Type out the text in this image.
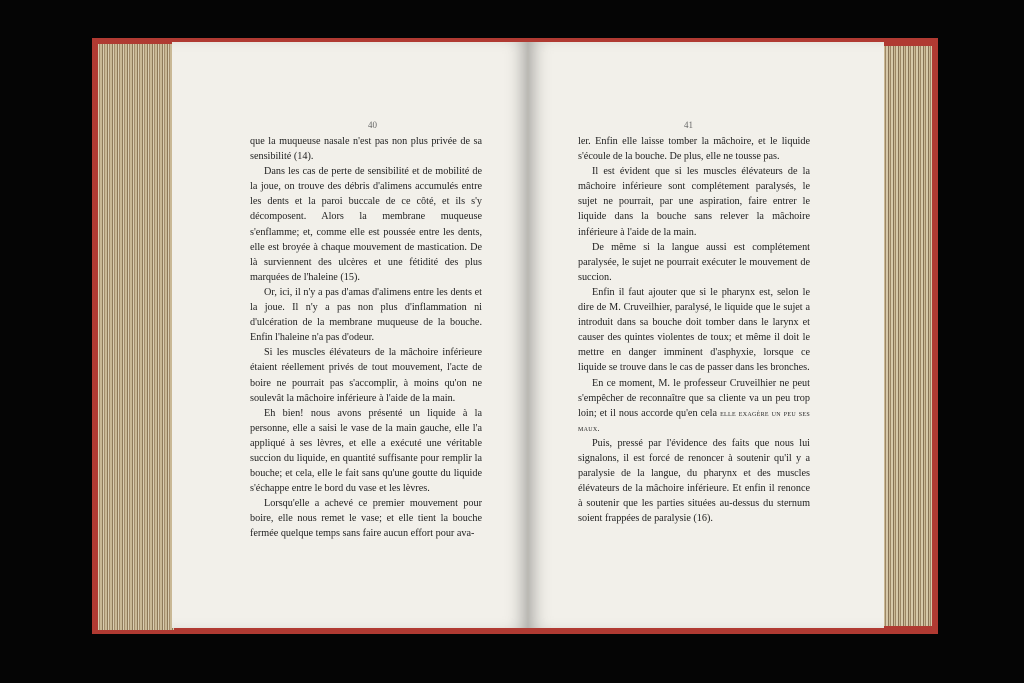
40

que la muqueuse nasale n'est pas non plus privée de sa sensibilité (14).

Dans les cas de perte de sensibilité et de mobilité de la joue, on trouve des débris d'alimens accumulés entre les dents et la paroi buccale de ce côté, et ils s'y décomposent. Alors la membrane muqueuse s'enflamme; et, comme elle est poussée entre les dents, elle est broyée à chaque mouvement de mastication. De là surviennent des ulcères et une fétidité des plus marquées de l'haleine (15).

Or, ici, il n'y a pas d'amas d'alimens entre les dents et la joue. Il n'y a pas non plus d'inflammation ni d'ulcération de la membrane muqueuse de la bouche. Enfin l'haleine n'a pas d'odeur.

Si les muscles élévateurs de la mâchoire inférieure étaient réellement privés de tout mouvement, l'acte de boire ne pourrait pas s'accomplir, à moins qu'on ne soulevât la mâchoire inférieure à l'aide de la main.

Eh bien! nous avons présenté un liquide à la personne, elle a saisi le vase de la main gauche, elle l'a appliqué à ses lèvres, et elle a exécuté une véritable succion du liquide, en quantité suffisante pour remplir la bouche; et cela, elle le fait sans qu'une goutte du liquide s'échappe entre le bord du vase et les lèvres.

Lorsqu'elle a achevé ce premier mouvement pour boire, elle nous remet le vase; et elle tient la bouche fermée quelque temps sans faire aucun effort pour ava-

41

ler. Enfin elle laisse tomber la mâchoire, et le liquide s'écoule de la bouche. De plus, elle ne tousse pas.

Il est évident que si les muscles élévateurs de la mâchoire inférieure sont complétement paralysés, le sujet ne pourrait, par une aspiration, faire entrer le liquide dans la bouche sans relever la mâchoire inférieure à l'aide de la main.

De même si la langue aussi est complétement paralysée, le sujet ne pourrait exécuter le mouvement de succion.

Enfin il faut ajouter que si le pharynx est, selon le dire de M. Cruveilhier, paralysé, le liquide que le sujet a introduit dans sa bouche doit tomber dans le larynx et causer des quintes violentes de toux; et même il doit le mettre en danger imminent d'asphyxie, lorsque ce liquide se trouve dans le cas de passer dans les bronches.

En ce moment, M. le professeur Cruveilhier ne peut s'empêcher de reconnaître que sa cliente va un peu trop loin; et il nous accorde qu'en cela elle exagère un peu ses maux.

Puis, pressé par l'évidence des faits que nous lui signalons, il est forcé de renoncer à soutenir qu'il y a paralysie de la langue, du pharynx et des muscles élévateurs de la mâchoire inférieure. Et enfin il renonce à soutenir que les parties situées au-dessus du sternum soient frappées de paralysie (16).
